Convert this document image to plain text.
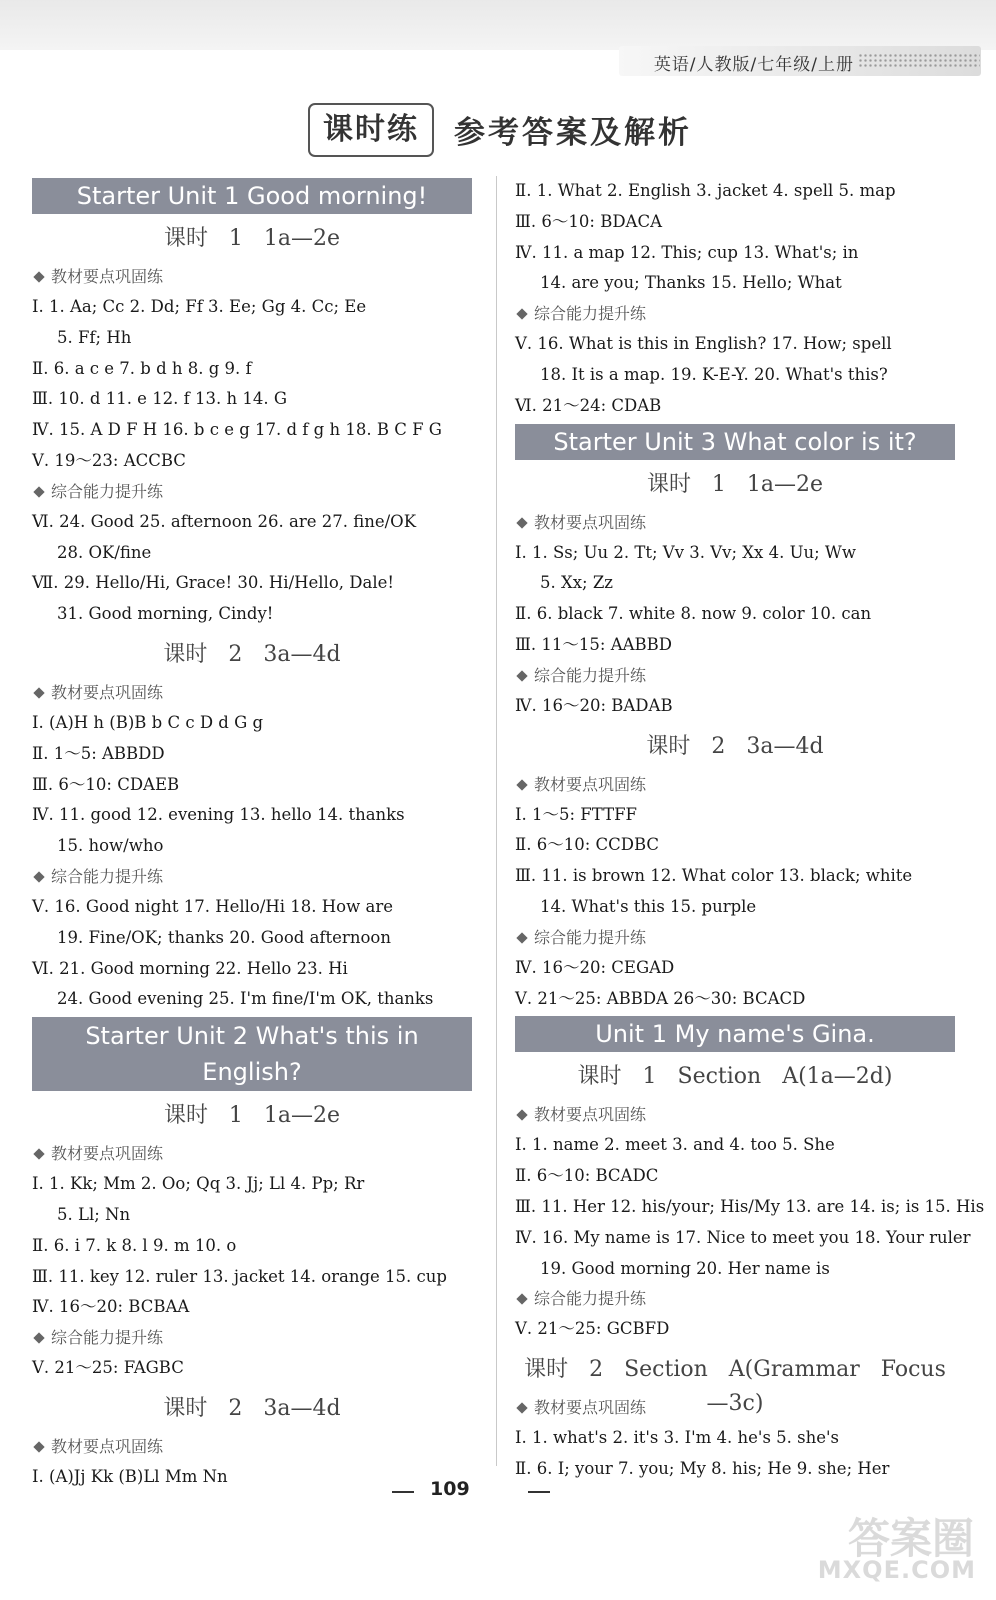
英语/人教版/七年级/上册
课时练	参考答案及解析
Starter Unit 1 Good morning!
课时 1 1a—2e
教材要点巩固练
Ⅰ. 1. Aa; Cc 2. Dd; Ff 3. Ee; Gg 4. Cc; Ee
5. Ff; Hh
Ⅱ. 6. a c e 7. b d h 8. g 9. f
Ⅲ. 10. d 11. e 12. f 13. h 14. G
Ⅳ. 15. A D F H 16. b c e g 17. d f g h 18. B C F G
Ⅴ. 19～23: ACCBC
综合能力提升练
Ⅵ. 24. Good 25. afternoon 26. are 27. fine/OK
28. OK/fine
Ⅶ. 29. Hello/Hi, Grace! 30. Hi/Hello, Dale!
31. Good morning, Cindy!
课时 2 3a—4d
教材要点巩固练
Ⅰ. (A)H h (B)B b C c D d G g
Ⅱ. 1～5: ABBDD
Ⅲ. 6～10: CDAEB
Ⅳ. 11. good 12. evening 13. hello 14. thanks
15. how/who
综合能力提升练
Ⅴ. 16. Good night 17. Hello/Hi 18. How are
19. Fine/OK; thanks 20. Good afternoon
Ⅵ. 21. Good morning 22. Hello 23. Hi
24. Good evening 25. I'm fine/I'm OK, thanks
Starter Unit 2 What's this in
English?
课时 1 1a—2e
教材要点巩固练
Ⅰ. 1. Kk; Mm 2. Oo; Qq 3. Jj; Ll 4. Pp; Rr
5. Ll; Nn
Ⅱ. 6. i 7. k 8. l 9. m 10. o
Ⅲ. 11. key 12. ruler 13. jacket 14. orange 15. cup
Ⅳ. 16～20: BCBAA
综合能力提升练
Ⅴ. 21～25: FAGBC
课时 2 3a—4d
教材要点巩固练
Ⅰ. (A)Jj Kk (B)Ll Mm Nn
Ⅱ. 1. What 2. English 3. jacket 4. spell 5. map
Ⅲ. 6～10: BDACA
Ⅳ. 11. a map 12. This; cup 13. What's; in
14. are you; Thanks 15. Hello; What
综合能力提升练
Ⅴ. 16. What is this in English? 17. How; spell
18. It is a map. 19. K-E-Y. 20. What's this?
Ⅵ. 21～24: CDAB
Starter Unit 3 What color is it?
课时 1 1a—2e
教材要点巩固练
Ⅰ. 1. Ss; Uu 2. Tt; Vv 3. Vv; Xx 4. Uu; Ww
5. Xx; Zz
Ⅱ. 6. black 7. white 8. now 9. color 10. can
Ⅲ. 11～15: AABBD
综合能力提升练
Ⅳ. 16～20: BADAB
课时 2 3a—4d
教材要点巩固练
Ⅰ. 1～5: FTTFF
Ⅱ. 6～10: CCDBC
Ⅲ. 11. is brown 12. What color 13. black; white
14. What's this 15. purple
综合能力提升练
Ⅳ. 16～20: CEGAD
Ⅴ. 21～25: ABBDA 26～30: BCACD
Unit 1 My name's Gina.
课时 1 Section A(1a—2d)
教材要点巩固练
Ⅰ. 1. name 2. meet 3. and 4. too 5. She
Ⅱ. 6～10: BCADC
Ⅲ. 11. Her 12. his/your; His/My 13. are 14. is; is 15. His
Ⅳ. 16. My name is 17. Nice to meet you 18. Your ruler
19. Good morning 20. Her name is
综合能力提升练
Ⅴ. 21～25: GCBFD
课时 2 Section A(Grammar Focus—3c)
教材要点巩固练
Ⅰ. 1. what's 2. it's 3. I'm 4. he's 5. she's
Ⅱ. 6. I; your 7. you; My 8. his; He 9. she; Her
109
答案圈
MXQE.COM
